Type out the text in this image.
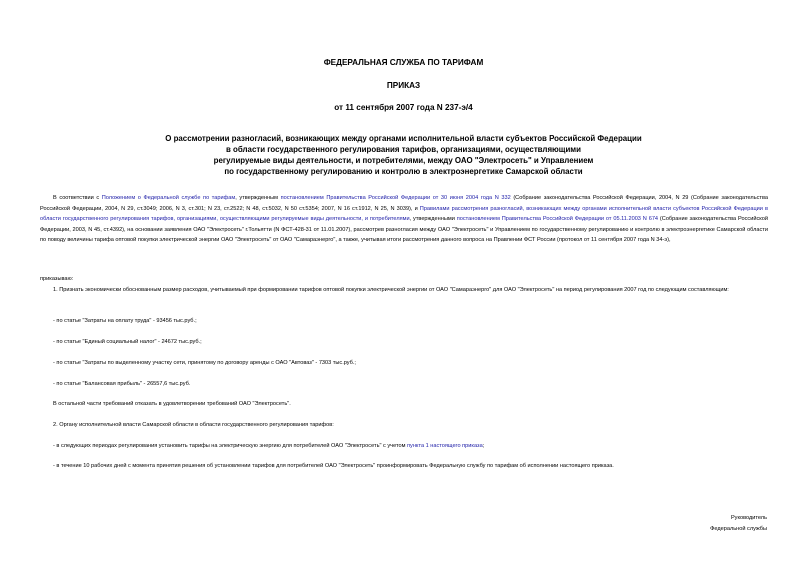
ФЕДЕРАЛЬНАЯ СЛУЖБА ПО ТАРИФАМ
ПРИКАЗ
от 11 сентября 2007 года N 237-э/4
О рассмотрении разногласий, возникающих между органами исполнительной власти субъектов Российской Федерации
в области государственного регулирования тарифов, организациями, осуществляющими
регулируемые виды деятельности, и потребителями, между ОАО "Электросеть" и Управлением
по государственному регулированию и контролю в электроэнергетике Самарской области
В соответствии с Положением о Федеральной службе по тарифам, утвержденным постановлением Правительства Российской Федерации от 30 июня 2004 года N 332 (Собрание законодательства Российской Федерации, 2004, N 29 (Собрание законодательства Российской Федерации, 2004, N 29, ст.3049; 2006, N 3, ст.301; N 23, ст.2522; N 48, ст.5032, N 50 ст.5354; 2007, N 16 ст.1912, N 25, N 3039), и Правилами рассмотрения разногласий, возникающих между органами исполнительной власти субъектов Российской Федерации в области государственного регулирования тарифов, организациями, осуществляющими регулируемые виды деятельности, и потребителями, утвержденными постановлением Правительства Российской Федерации от 05.11.2003 N 674 (Собрание законодательства Российской Федерации, 2003, N 45, ст.4392), на основании заявления ОАО "Электросеть" г.Тольятти (N ФСТ-428-31 от 11.01.2007), рассмотрев разногласия между ОАО "Электросеть" и Управлением по государственному регулированию и контролю в электроэнергетике Самарской области по поводу величины тарифа оптовой покупки электрической энергии ОАО "Электросеть" от ОАО "Самараэнерго", а также, учитывая итоги рассмотрения данного вопроса на Правлении ФСТ России (протокол от 11 сентября 2007 года N 34-э),
приказываю:
1. Признать экономически обоснованным размер расходов, учитываемый при формировании тарифов оптовой покупки электрической энергии от ОАО "Самараэнерго" для ОАО "Электросеть" на период регулирования 2007 год по следующим составляющим:
- по статье "Затраты на оплату труда" - 93456 тыс.руб.;
- по статье "Единый социальный налог" - 24672 тыс.руб.;
- по статье "Затраты по выделенному участку сети, принятому по договору аренды с ОАО "Автоваз" - 7303 тыс.руб.;
- по статье "Балансовая прибыль" - 26557,6 тыс.руб.
В остальной части требований отказать в удовлетворении требований ОАО "Электросеть".
2. Органу исполнительной власти Самарской области в области государственного регулирования тарифов:
- в следующих периодах регулирования установить тарифы на электрическую энергию для потребителей ОАО "Электросеть" с учетом пункта 1 настоящего приказа;
- в течение 10 рабочих дней с момента принятия решения об установлении тарифов для потребителей ОАО "Электросеть" проинформировать Федеральную службу по тарифам об исполнении настоящего приказа.
Руководитель
Федеральной службы
